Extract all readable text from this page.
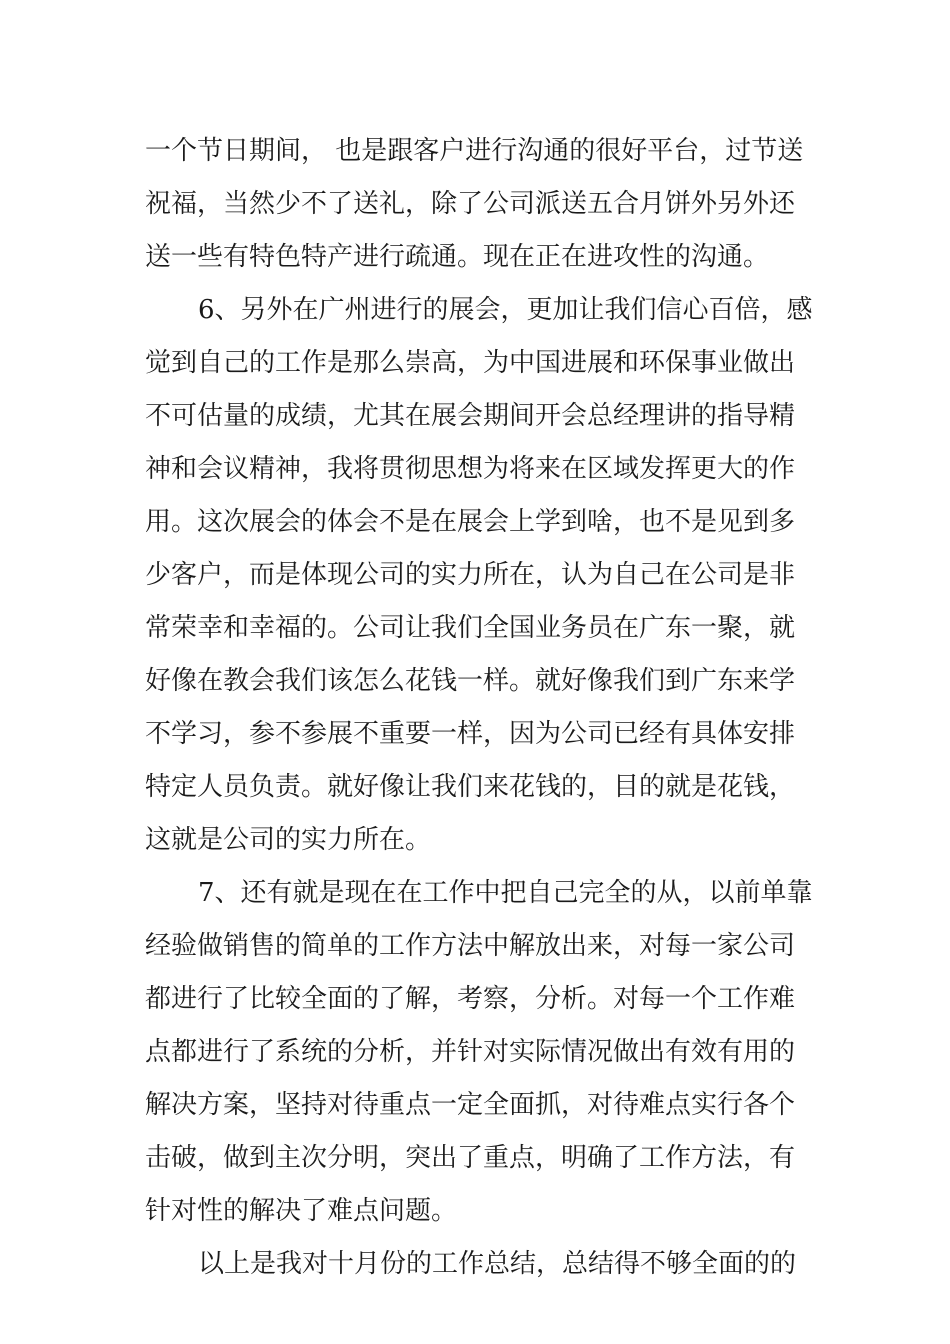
一个节日期间， 也是跟客户进行沟通的很好平台，过节送
祝福，当然少不了送礼，除了公司派送五合月饼外另外还
送一些有特色特产进行疏通。现在正在进攻性的沟通。
6、另外在广州进行的展会，更加让我们信心百倍，感
觉到自己的工作是那么崇高，为中国进展和环保事业做出
不可估量的成绩，尤其在展会期间开会总经理讲的指导精
神和会议精神，我将贯彻思想为将来在区域发挥更大的作
用。这次展会的体会不是在展会上学到啥，也不是见到多
少客户，而是体现公司的实力所在，认为自己在公司是非
常荣幸和幸福的。公司让我们全国业务员在广东一聚，就
好像在教会我们该怎么花钱一样。就好像我们到广东来学
不学习，参不参展不重要一样，因为公司已经有具体安排
特定人员负责。就好像让我们来花钱的，目的就是花钱，
这就是公司的实力所在。
7、还有就是现在在工作中把自己完全的从，以前单靠
经验做销售的简单的工作方法中解放出来，对每一家公司
都进行了比较全面的了解，考察，分析。对每一个工作难
点都进行了系统的分析，并针对实际情况做出有效有用的
解决方案，坚持对待重点一定全面抓，对待难点实行各个
击破，做到主次分明，突出了重点，明确了工作方法，有
针对性的解决了难点问题。
以上是我对十月份的工作总结，总结得不够全面的的
